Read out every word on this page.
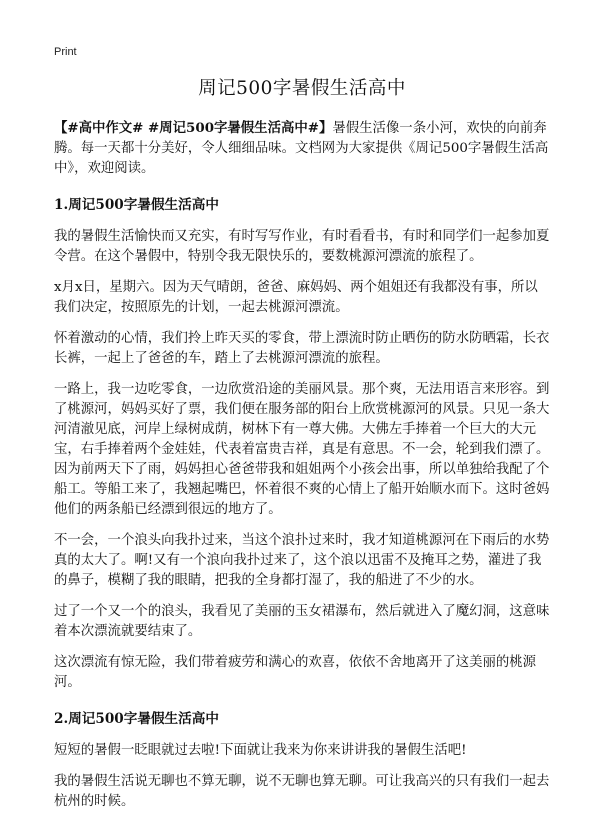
Print
周记500字暑假生活高中

【#高中作文# #周记500字暑假生活高中#】暑假生活像一条小河，欢快的向前奔腾。每一天都十分美好，令人细细品味。文档网为大家提供《周记500字暑假生活高中》，欢迎阅读。

1.周记500字暑假生活高中

我的暑假生活愉快而又充实，有时写写作业，有时看看书，有时和同学们一起参加夏令营。在这个暑假中，特别令我无限快乐的，要数桃源河漂流的旅程了。

x月x日，星期六。因为天气晴朗，爸爸、麻妈妈、两个姐姐还有我都没有事，所以我们决定，按照原先的计划，一起去桃源河漂流。

怀着激动的心情，我们拎上昨天买的零食，带上漂流时防止晒伤的防水防晒霜，长衣长裤，一起上了爸爸的车，踏上了去桃源河漂流的旅程。

一路上，我一边吃零食，一边欣赏沿途的美丽风景。那个爽，无法用语言来形容。到了桃源河，妈妈买好了票，我们便在服务部的阳台上欣赏桃源河的风景。只见一条大河清澈见底，河岸上绿树成荫，树林下有一尊大佛。大佛左手捧着一个巨大的大元宝，右手捧着两个金娃娃，代表着富贵吉祥，真是有意思。不一会，轮到我们漂了。因为前两天下了雨，妈妈担心爸爸带我和姐姐两个小孩会出事，所以单独给我配了个船工。等船工来了，我翘起嘴巴，怀着很不爽的心情上了船开始顺水而下。这时爸妈他们的两条船已经漂到很远的地方了。

不一会，一个浪头向我扑过来，当这个浪扑过来时，我才知道桃源河在下雨后的水势真的太大了。啊!又有一个浪向我扑过来了，这个浪以迅雷不及掩耳之势，灌进了我的鼻子，模糊了我的眼睛，把我的全身都打湿了，我的船进了不少的水。

过了一个又一个的浪头，我看见了美丽的玉女裙瀑布，然后就进入了魔幻洞，这意味着本次漂流就要结束了。

这次漂流有惊无险，我们带着疲劳和满心的欢喜，依依不舍地离开了这美丽的桃源河。

2.周记500字暑假生活高中

短短的暑假一眨眼就过去啦!下面就让我来为你来讲讲我的暑假生活吧!

我的暑假生活说无聊也不算无聊，说不无聊也算无聊。可让我高兴的只有我们一起去杭州的时候。
